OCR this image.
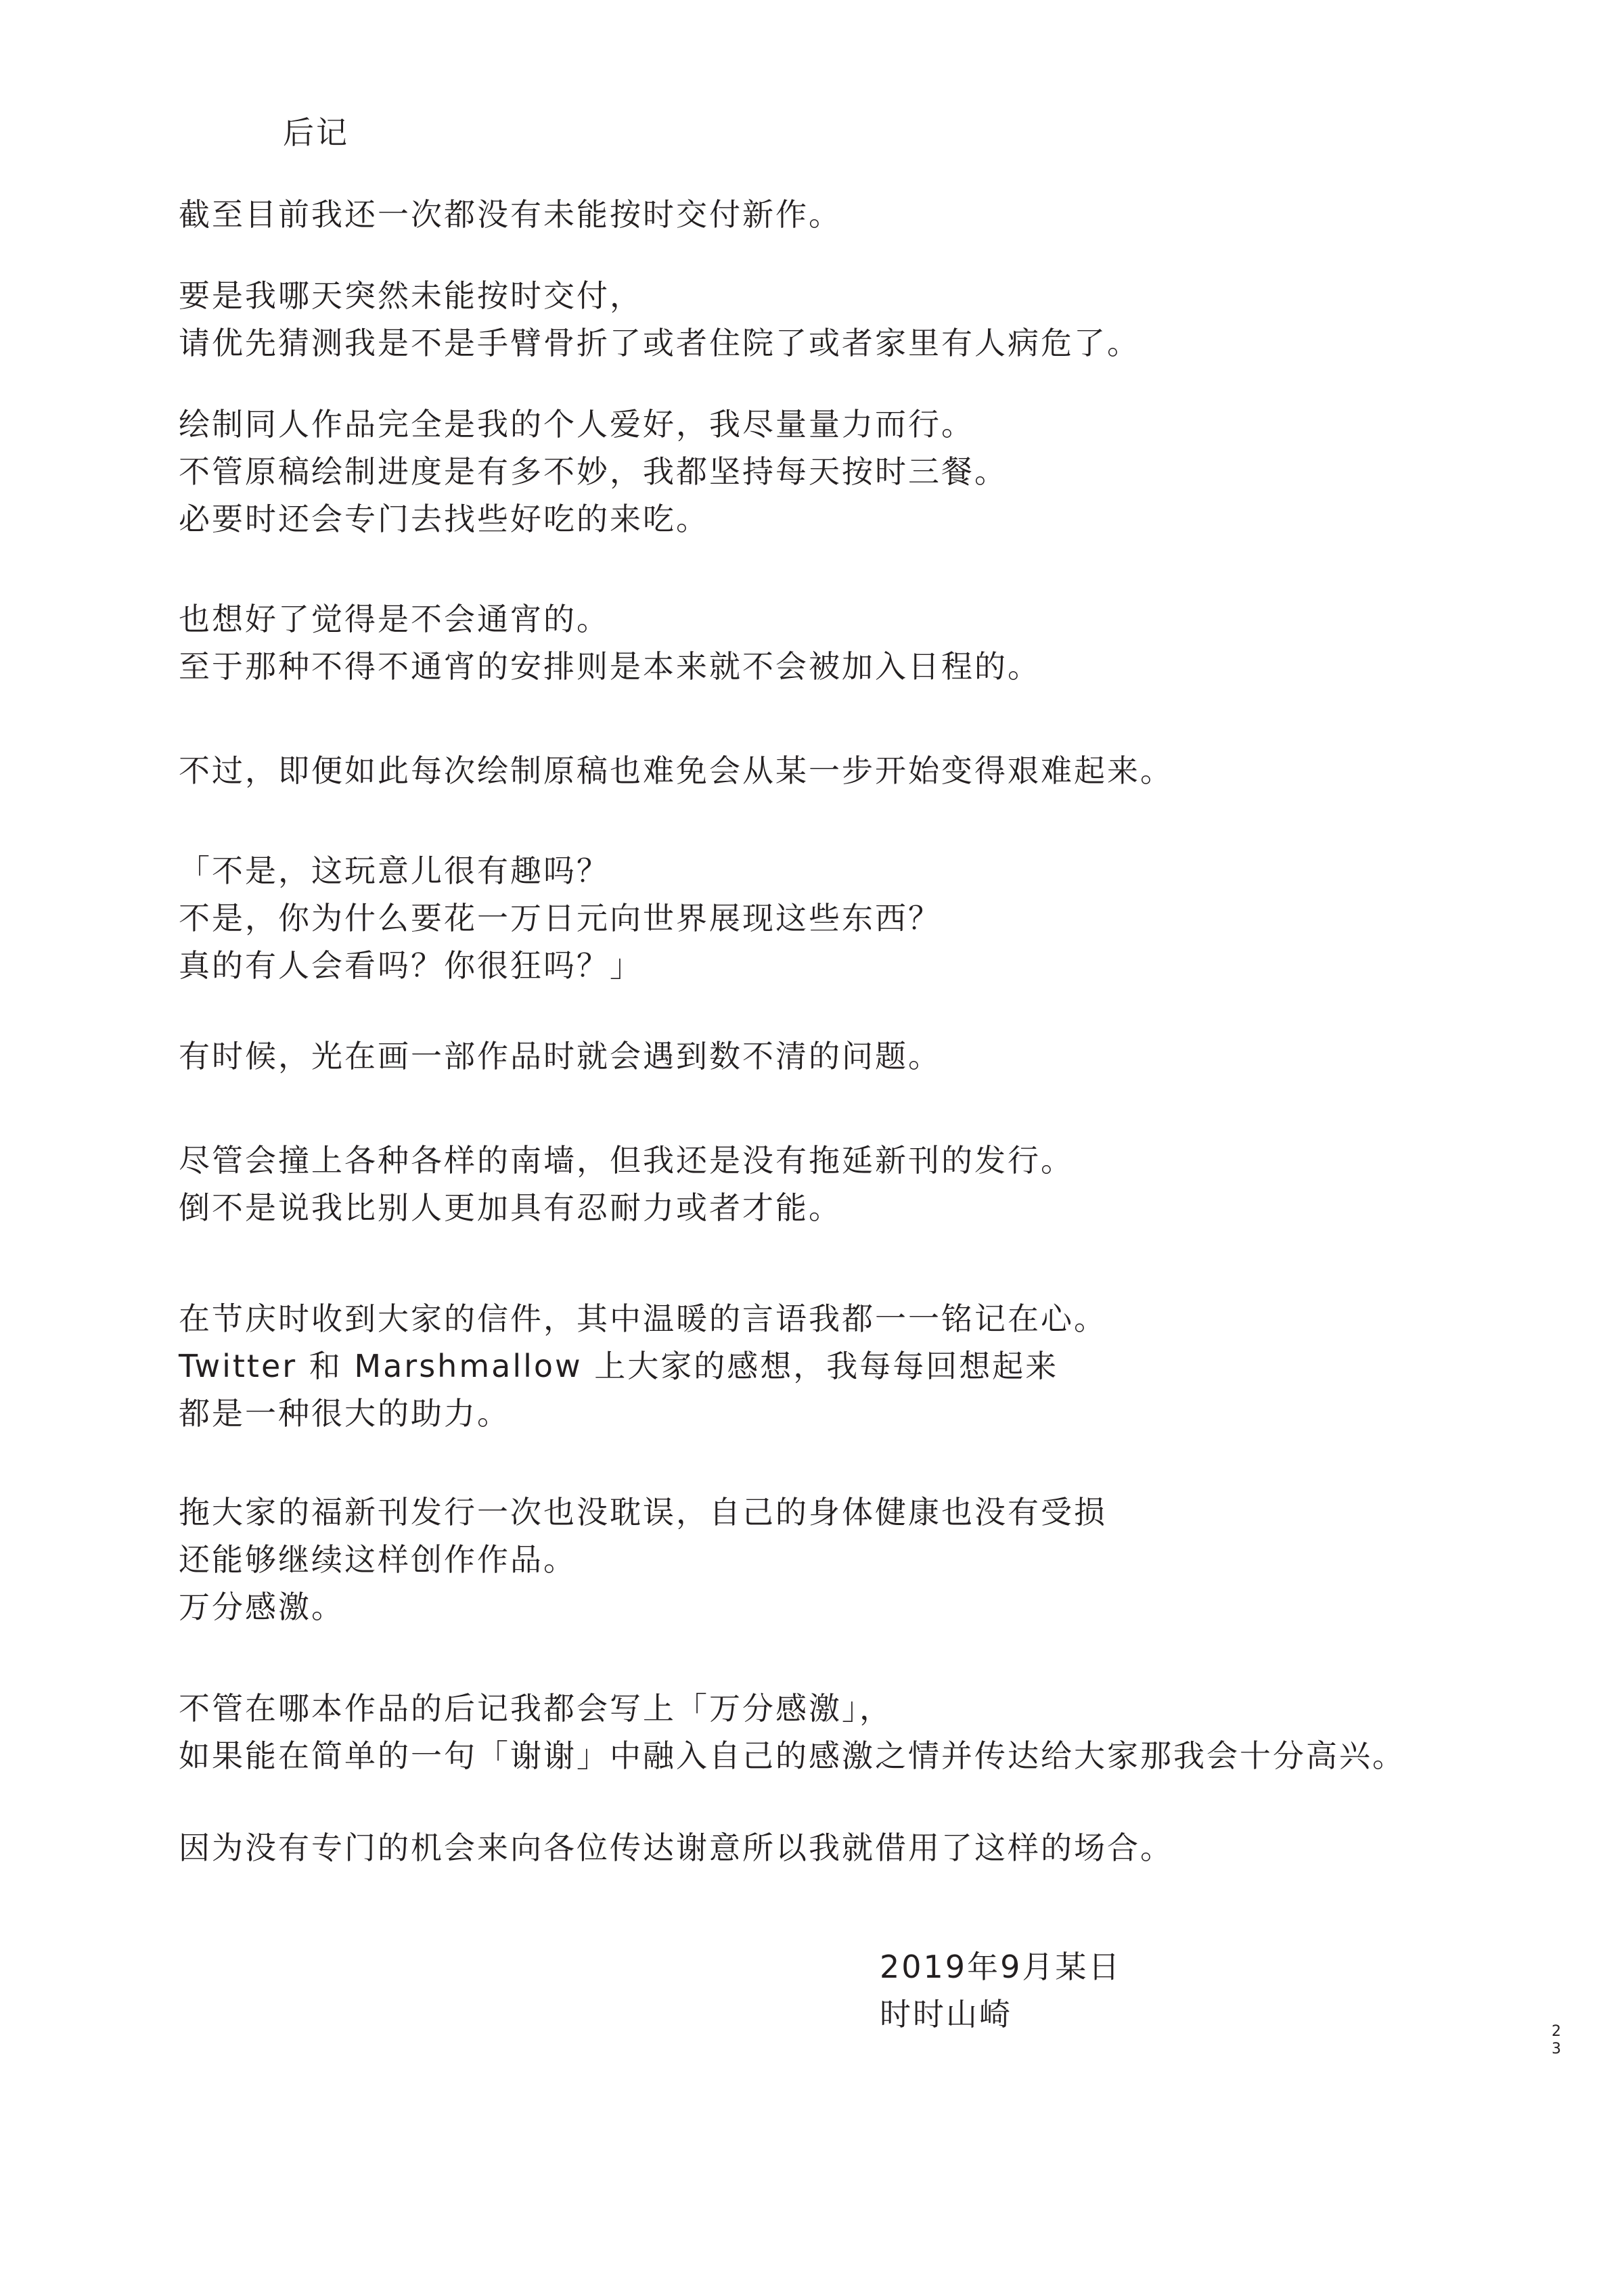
后记
截至目前我还一次都没有未能按时交付新作。
要是我哪天突然未能按时交付，
请优先猜测我是不是手臂骨折了或者住院了或者家里有人病危了。
绘制同人作品完全是我的个人爱好，我尽量量力而行。
不管原稿绘制进度是有多不妙，我都坚持每天按时三餐。
必要时还会专门去找些好吃的来吃。
也想好了觉得是不会通宵的。
至于那种不得不通宵的安排则是本来就不会被加入日程的。
不过，即便如此每次绘制原稿也难免会从某一步开始变得艰难起来。
「不是，这玩意儿很有趣吗？
不是，你为什么要花一万日元向世界展现这些东西？
真的有人会看吗？你很狂吗？」
有时候，光在画一部作品时就会遇到数不清的问题。
尽管会撞上各种各样的南墙，但我还是没有拖延新刊的发行。
倒不是说我比别人更加具有忍耐力或者才能。
在节庆时收到大家的信件，其中温暖的言语我都一一铭记在心。
Twitter 和 Marshmallow 上大家的感想，我每每回想起来
都是一种很大的助力。
拖大家的福新刊发行一次也没耽误，自己的身体健康也没有受损
还能够继续这样创作作品。
万分感激。
不管在哪本作品的后记我都会写上「万分感激」，
如果能在简单的一句「谢谢」中融入自己的感激之情并传达给大家那我会十分高兴。
因为没有专门的机会来向各位传达谢意所以我就借用了这样的场合。
2019年9月某日
时时山崎	23
